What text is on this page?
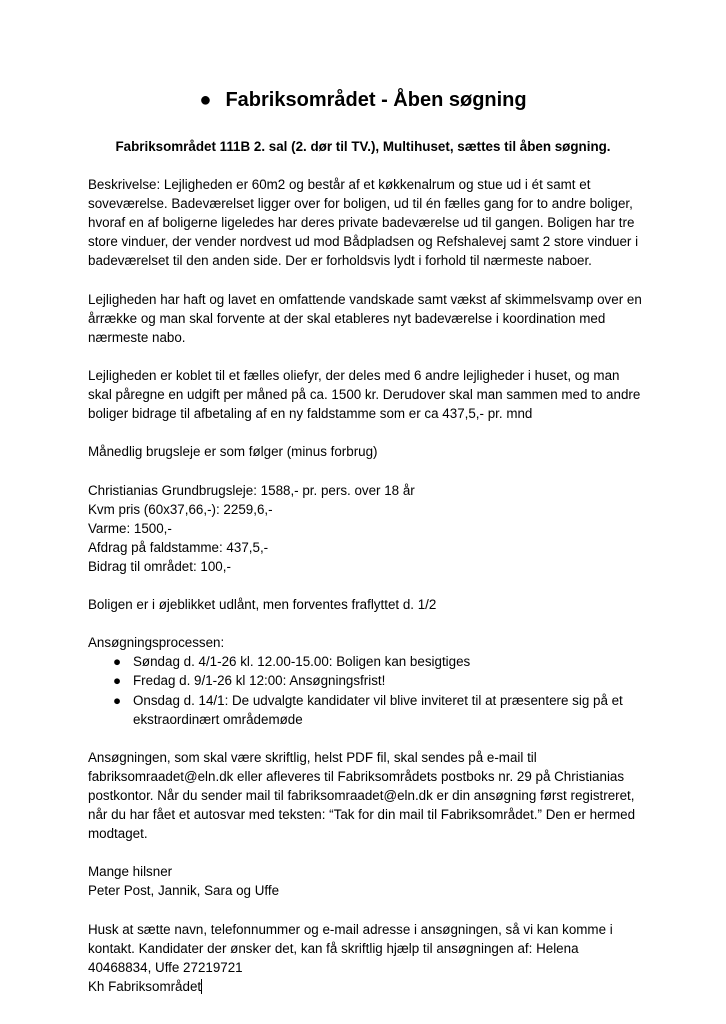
● Fabriksområdet - Åben søgning

Fabriksområdet 111B 2. sal (2. dør til TV.), Multihuset, sættes til åben søgning.

Beskrivelse: Lejligheden er 60m2 og består af et køkkenalrum og stue ud i ét samt et soveværelse. Badeværelset ligger over for boligen, ud til én fælles gang for to andre boliger, hvoraf en af boligerne ligeledes har deres private badeværelse ud til gangen. Boligen har tre store vinduer, der vender nordvest ud mod Bådpladsen og Refshalevej samt 2 store vinduer i badeværelset til den anden side. Der er forholdsvis lydt i forhold til nærmeste naboer.

Lejligheden har haft og lavet en omfattende vandskade samt vækst af skimmelsvamp over en årrække og man skal forvente at der skal etableres nyt badeværelse i koordination med nærmeste nabo.

Lejligheden er koblet til et fælles oliefyr, der deles med 6 andre lejligheder i huset, og man skal påregne en udgift per måned på ca. 1500 kr. Derudover skal man sammen med to andre boliger bidrage til afbetaling af en ny faldstamme som er ca 437,5,- pr. mnd

Månedlig brugsleje er som følger (minus forbrug)

Christianias Grundbrugsleje: 1588,- pr. pers. over 18 år

Kvm pris (60x37,66,-): 2259,6,-

Varme: 1500,-

Afdrag på faldstamme: 437,5,-

Bidrag til området: 100,-

Boligen er i øjeblikket udlånt, men forventes fraflyttet d. 1/2

Ansøgningsprocessen:

● Søndag d. 4/1-26 kl. 12.00-15.00: Boligen kan besigtiges
● Fredag d. 9/1-26 kl 12:00: Ansøgningsfrist!
● Onsdag d. 14/1: De udvalgte kandidater vil blive inviteret til at præsentere sig på et ekstraordinært områdemøde

Ansøgningen, som skal være skriftlig, helst PDF fil, skal sendes på e-mail til fabriksomraadet@eln.dk eller afleveres til Fabriksområdets postboks nr. 29 på Christianias postkontor. Når du sender mail til fabriksomraadet@eln.dk er din ansøgning først registreret, når du har fået et autosvar med teksten: “Tak for din mail til Fabriksområdet.” Den er hermed modtaget.

Mange hilsner

Peter Post, Jannik, Sara og Uffe

Husk at sætte navn, telefonnummer og e-mail adresse i ansøgningen, så vi kan komme i kontakt. Kandidater der ønsker det, kan få skriftlig hjælp til ansøgningen af: Helena 40468834, Uffe 27219721

Kh Fabriksområdet
